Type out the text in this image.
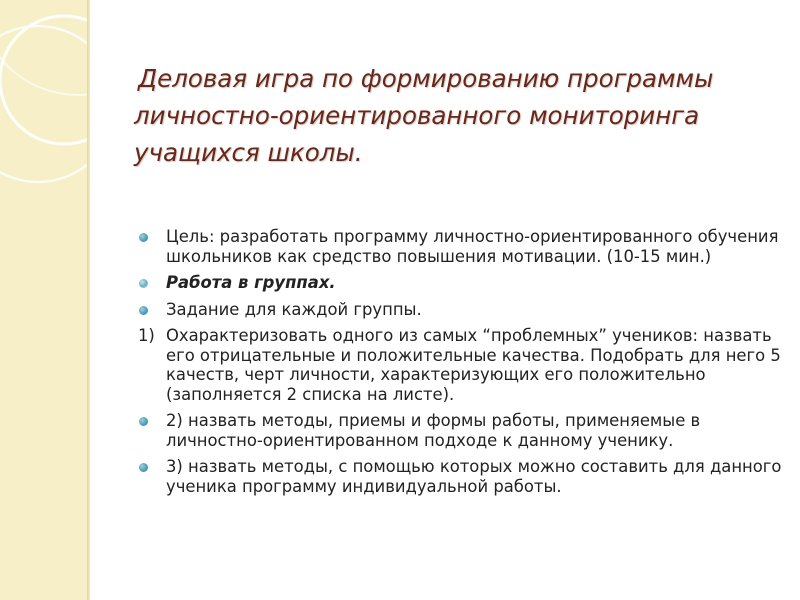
Деловая игра по формированию программы
личностно-ориентированного мониторинга
учащихся школы.
Цель: разработать программу личностно-ориентированного обучения школьников как средство повышения мотивации. (10-15 мин.)
Работа в группах.
Задание для каждой группы.
1) Охарактеризовать одного из самых “проблемных” учеников: назвать его отрицательные и положительные качества. Подобрать для него 5 качеств, черт личности, характеризующих его положительно (заполняется 2 списка на листе).
2) назвать методы, приемы и формы работы, применяемые в личностно-ориентированном подходе к данному ученику.
3) назвать методы, с помощью которых можно составить для данного ученика программу индивидуальной работы.
